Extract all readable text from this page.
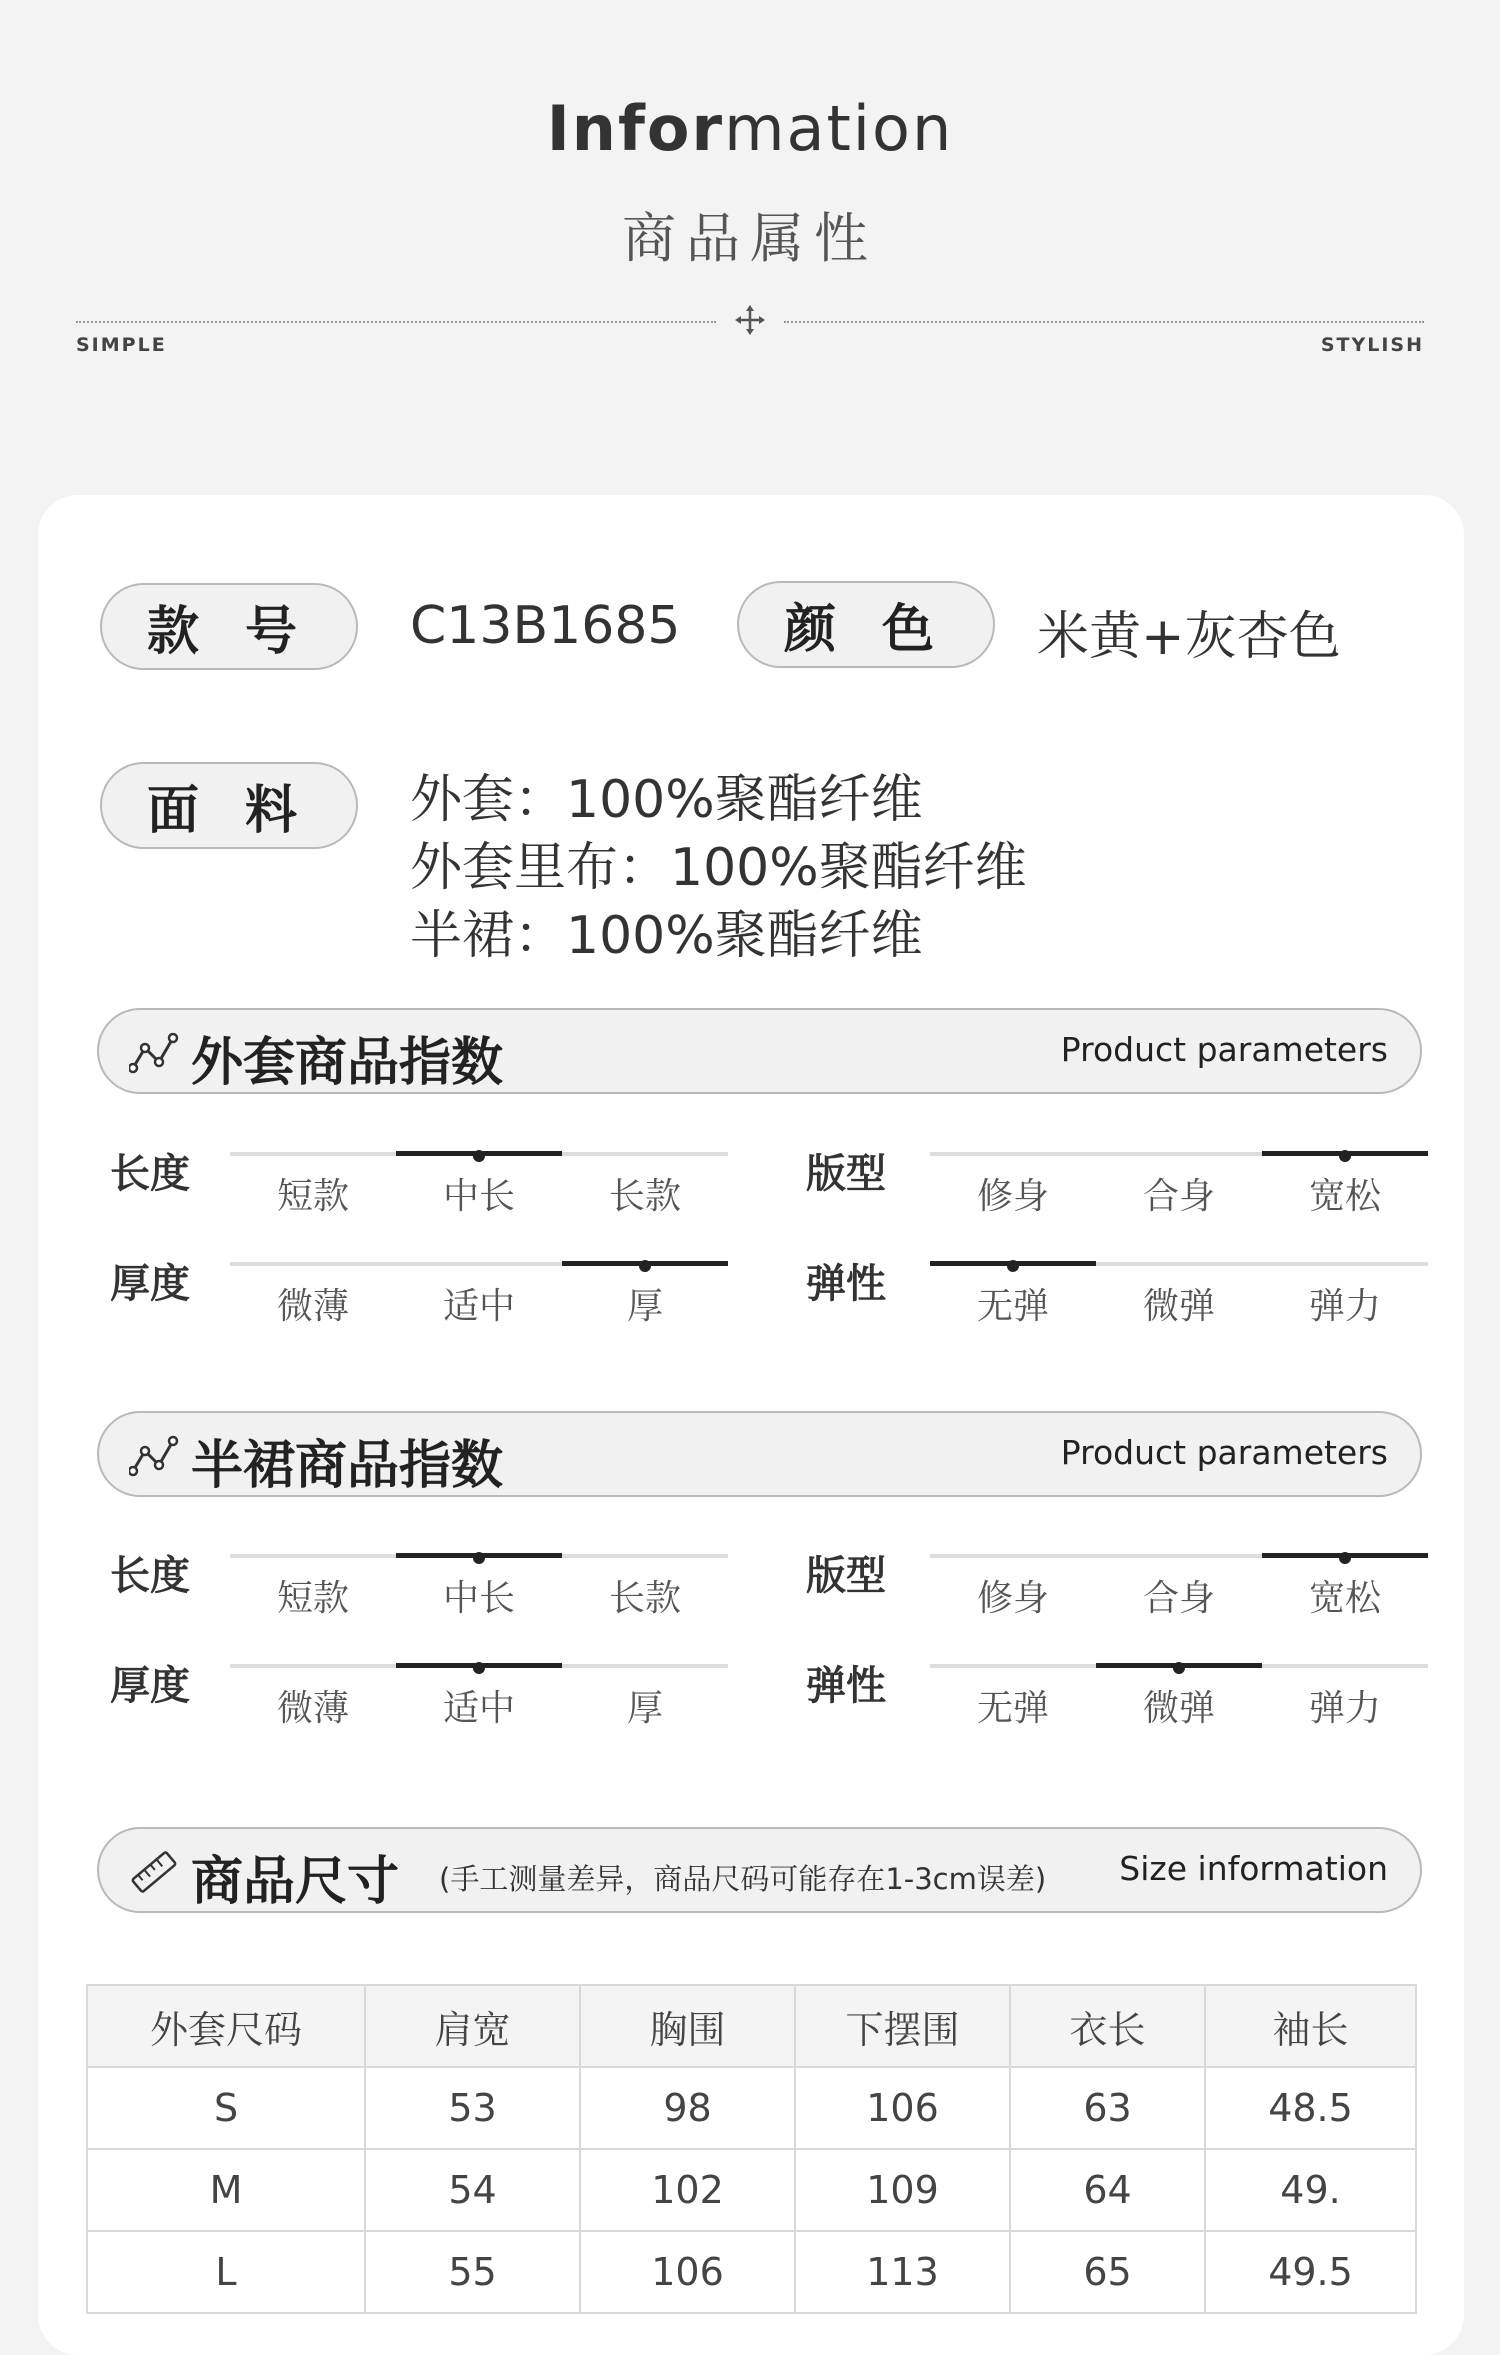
Information
商品属性
SIMPLE	STYLISH
款 号	C13B1685	颜 色	米黄+灰杏色
面 料	外套：100%聚酯纤维
外套里布：100%聚酯纤维
半裙：100%聚酯纤维
外套商品指数	Product parameters
长度	短款	中长	长款	版型	修身	合身	宽松
厚度	微薄	适中	厚	弹性	无弹	微弹	弹力
半裙商品指数	Product parameters
长度	短款	中长	长款	版型	修身	合身	宽松
厚度	微薄	适中	厚	弹性	无弹	微弹	弹力
商品尺寸 (手工测量差异，商品尺码可能存在1-3cm误差) Size information
外套尺码	肩宽	胸围	下摆围	衣长	袖长
S	53	98	106	63	48.5
M	54	102	109	64	49.
L	55	106	113	65	49.5
